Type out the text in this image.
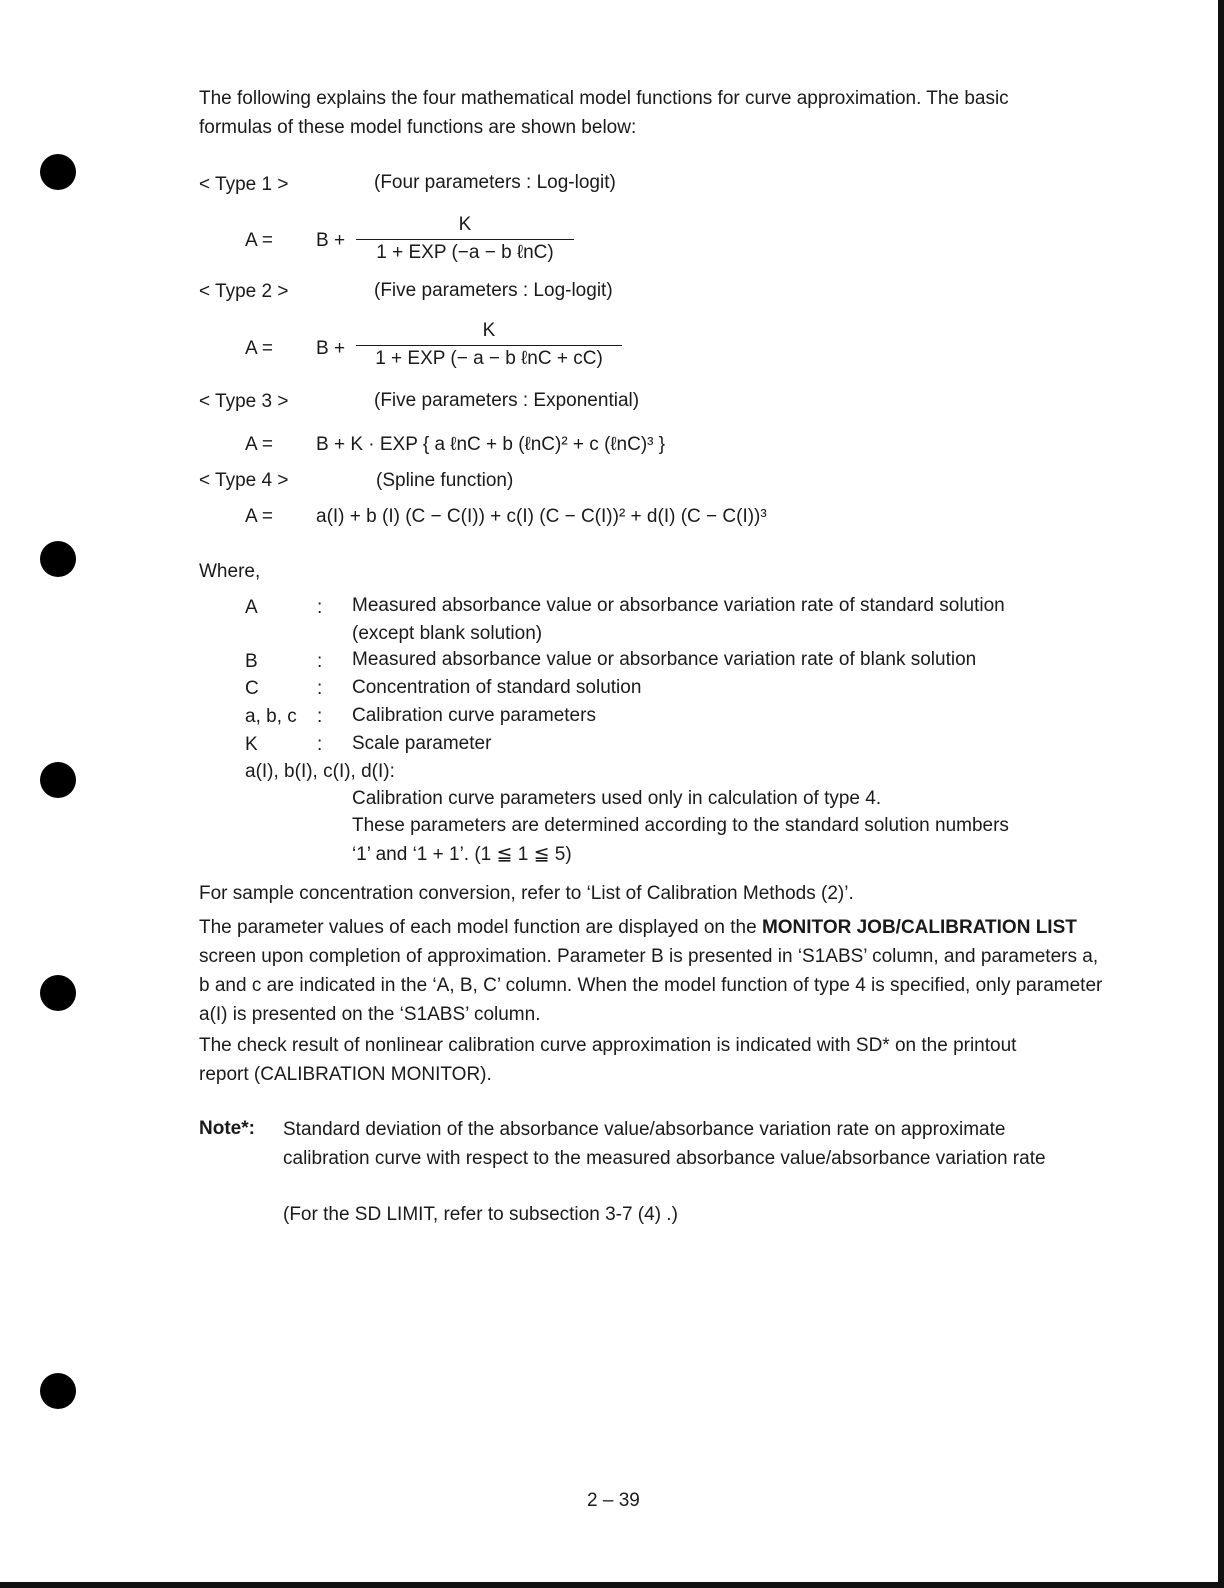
The following explains the four mathematical model functions for curve approximation. The basic formulas of these model functions are shown below:
< Type 1 >	(Four parameters : Log-logit)
A = B +
K
1 + EXP (−a − b ℓnC)
< Type 2 >	(Five parameters : Log-logit)
A = B +
K
1 + EXP (− a − b ℓnC + cC)
< Type 3 >	(Five parameters : Exponential)
A = B + K · EXP { a ℓnC + b (ℓnC)² + c (ℓnC)³ }
< Type 4 >	(Spline function)
A = a(I) + b (I) (C − C(I)) + c(I) (C − C(I))² + d(I) (C − C(I))³
Where,
A	: Measured absorbance value or absorbance variation rate of standard solution
(except blank solution)
B	: Measured absorbance value or absorbance variation rate of blank solution
C	: Concentration of standard solution
a, b, c : Calibration curve parameters
K	: Scale parameter
a(I), b(I), c(I), d(I):
Calibration curve parameters used only in calculation of type 4.
These parameters are determined according to the standard solution numbers
‘1’ and ‘1 + 1’. (1 ≦ 1 ≦ 5)
For sample concentration conversion, refer to ‘List of Calibration Methods (2)’.
The parameter values of each model function are displayed on the MONITOR JOB/CALIBRATION LIST screen upon completion of approximation. Parameter B is presented in ‘S1ABS’ column, and parameters a, b and c are indicated in the ‘A, B, C’ column. When the model function of type 4 is specified, only parameter a(I) is presented on the ‘S1ABS’ column.
The check result of nonlinear calibration curve approximation is indicated with SD* on the printout report (CALIBRATION MONITOR).
Note*: Standard deviation of the absorbance value/absorbance variation rate on approximate calibration curve with respect to the measured absorbance value/absorbance variation rate
(For the SD LIMIT, refer to subsection 3-7 (4) .)
2 – 39
